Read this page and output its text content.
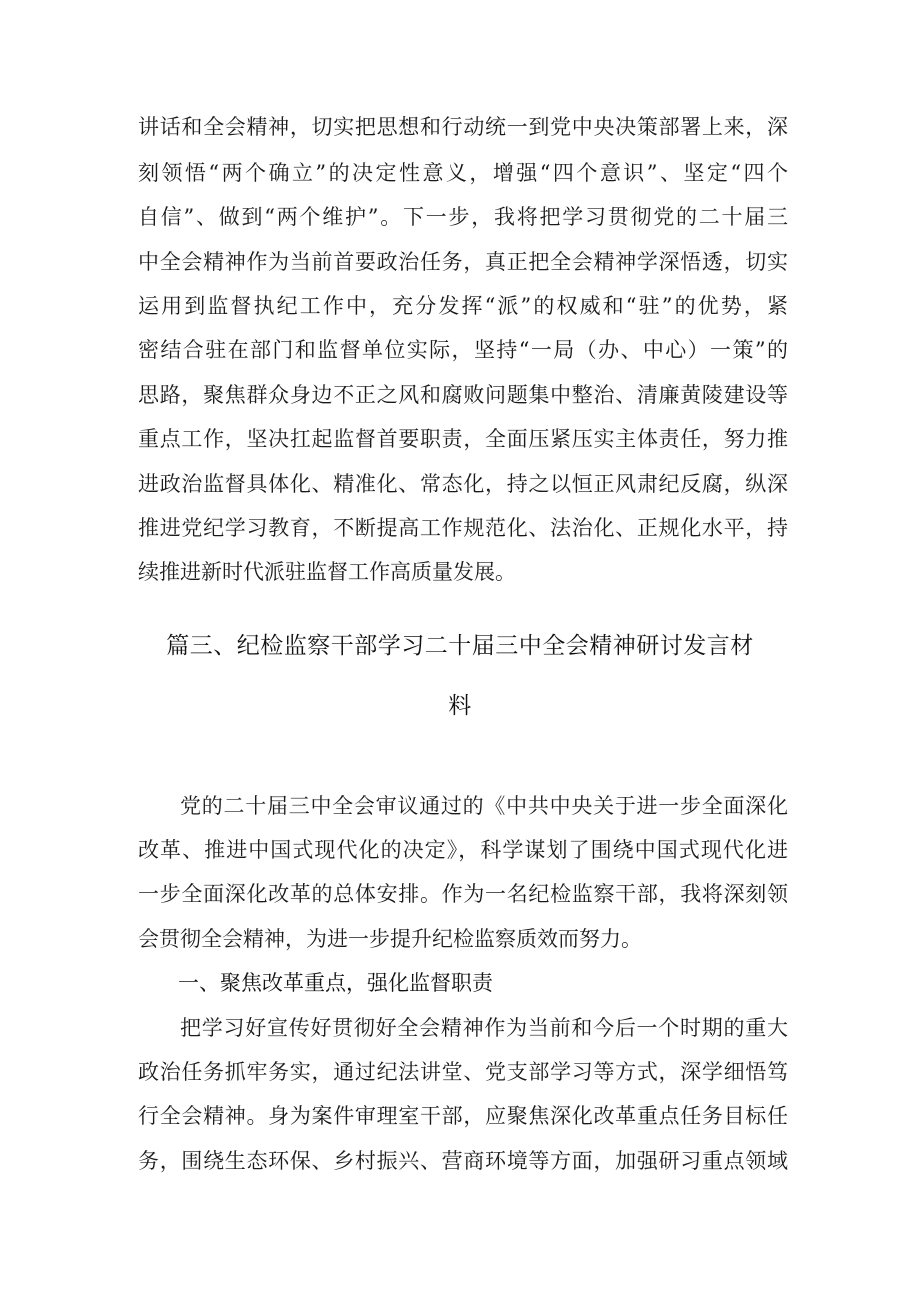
讲话和全会精神，切实把思想和行动统一到党中央决策部署上来，深
刻领悟“两个确立”的决定性意义，增强“四个意识”、坚定“四个
自信”、做到“两个维护”。下一步，我将把学习贯彻党的二十届三
中全会精神作为当前首要政治任务，真正把全会精神学深悟透，切实
运用到监督执纪工作中，充分发挥“派”的权威和“驻”的优势，紧
密结合驻在部门和监督单位实际，坚持“一局（办、中心）一策”的
思路，聚焦群众身边不正之风和腐败问题集中整治、清廉黄陵建设等
重点工作，坚决扛起监督首要职责，全面压紧压实主体责任，努力推
进政治监督具体化、精准化、常态化，持之以恒正风肃纪反腐，纵深
推进党纪学习教育，不断提高工作规范化、法治化、正规化水平，持
续推进新时代派驻监督工作高质量发展。
篇三、纪检监察干部学习二十届三中全会精神研讨发言材
料
党的二十届三中全会审议通过的《中共中央关于进一步全面深化
改革、推进中国式现代化的决定》，科学谋划了围绕中国式现代化进
一步全面深化改革的总体安排。作为一名纪检监察干部，我将深刻领
会贯彻全会精神，为进一步提升纪检监察质效而努力。
一、聚焦改革重点，强化监督职责
把学习好宣传好贯彻好全会精神作为当前和今后一个时期的重大
政治任务抓牢务实，通过纪法讲堂、党支部学习等方式，深学细悟笃
行全会精神。身为案件审理室干部，应聚焦深化改革重点任务目标任
务，围绕生态环保、乡村振兴、营商环境等方面，加强研习重点领域
